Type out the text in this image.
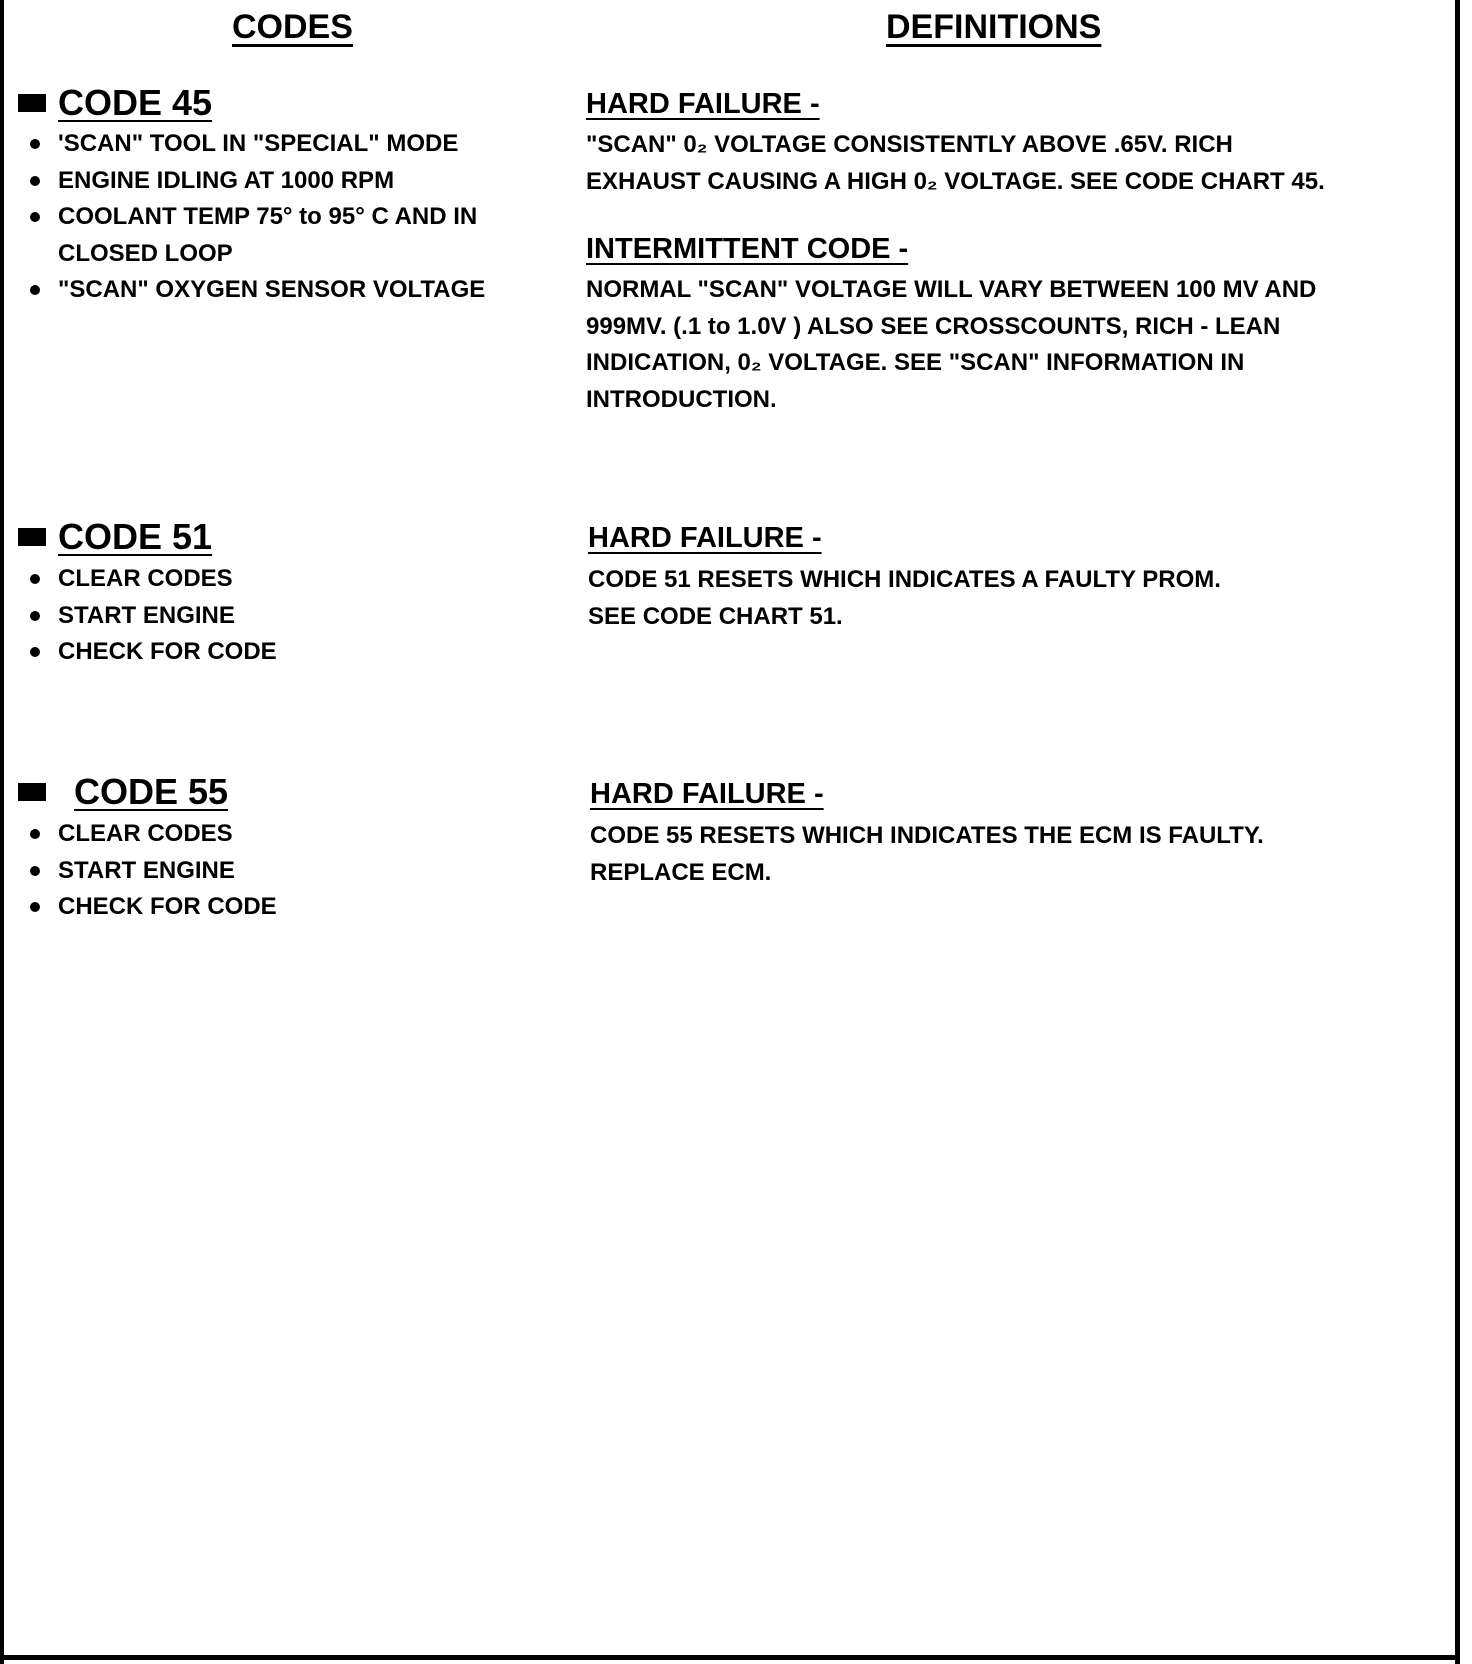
CODES	DEFINITIONS
CODE 45
'SCAN" TOOL IN "SPECIAL" MODE
ENGINE IDLING AT 1000 RPM
COOLANT TEMP 75° to 95° C AND IN
CLOSED LOOP
"SCAN" OXYGEN SENSOR VOLTAGE
CODE 51
CLEAR CODES
START ENGINE
CHECK FOR CODE
CODE 55
CLEAR CODES
START ENGINE
CHECK FOR CODE
HARD FAILURE -

"SCAN" 0₂ VOLTAGE CONSISTENTLY ABOVE .65V. RICH
EXHAUST CAUSING A HIGH 0₂ VOLTAGE. SEE CODE CHART 45.

INTERMITTENT CODE -

NORMAL "SCAN" VOLTAGE WILL VARY BETWEEN 100 MV AND
999MV. (.1 to 1.0V ) ALSO SEE CROSSCOUNTS, RICH - LEAN
INDICATION, 0₂ VOLTAGE. SEE "SCAN" INFORMATION IN
INTRODUCTION.

HARD FAILURE -

CODE 51 RESETS WHICH INDICATES A FAULTY PROM.
SEE CODE CHART 51.

HARD FAILURE -

CODE 55 RESETS WHICH INDICATES THE ECM IS FAULTY.
REPLACE ECM.
